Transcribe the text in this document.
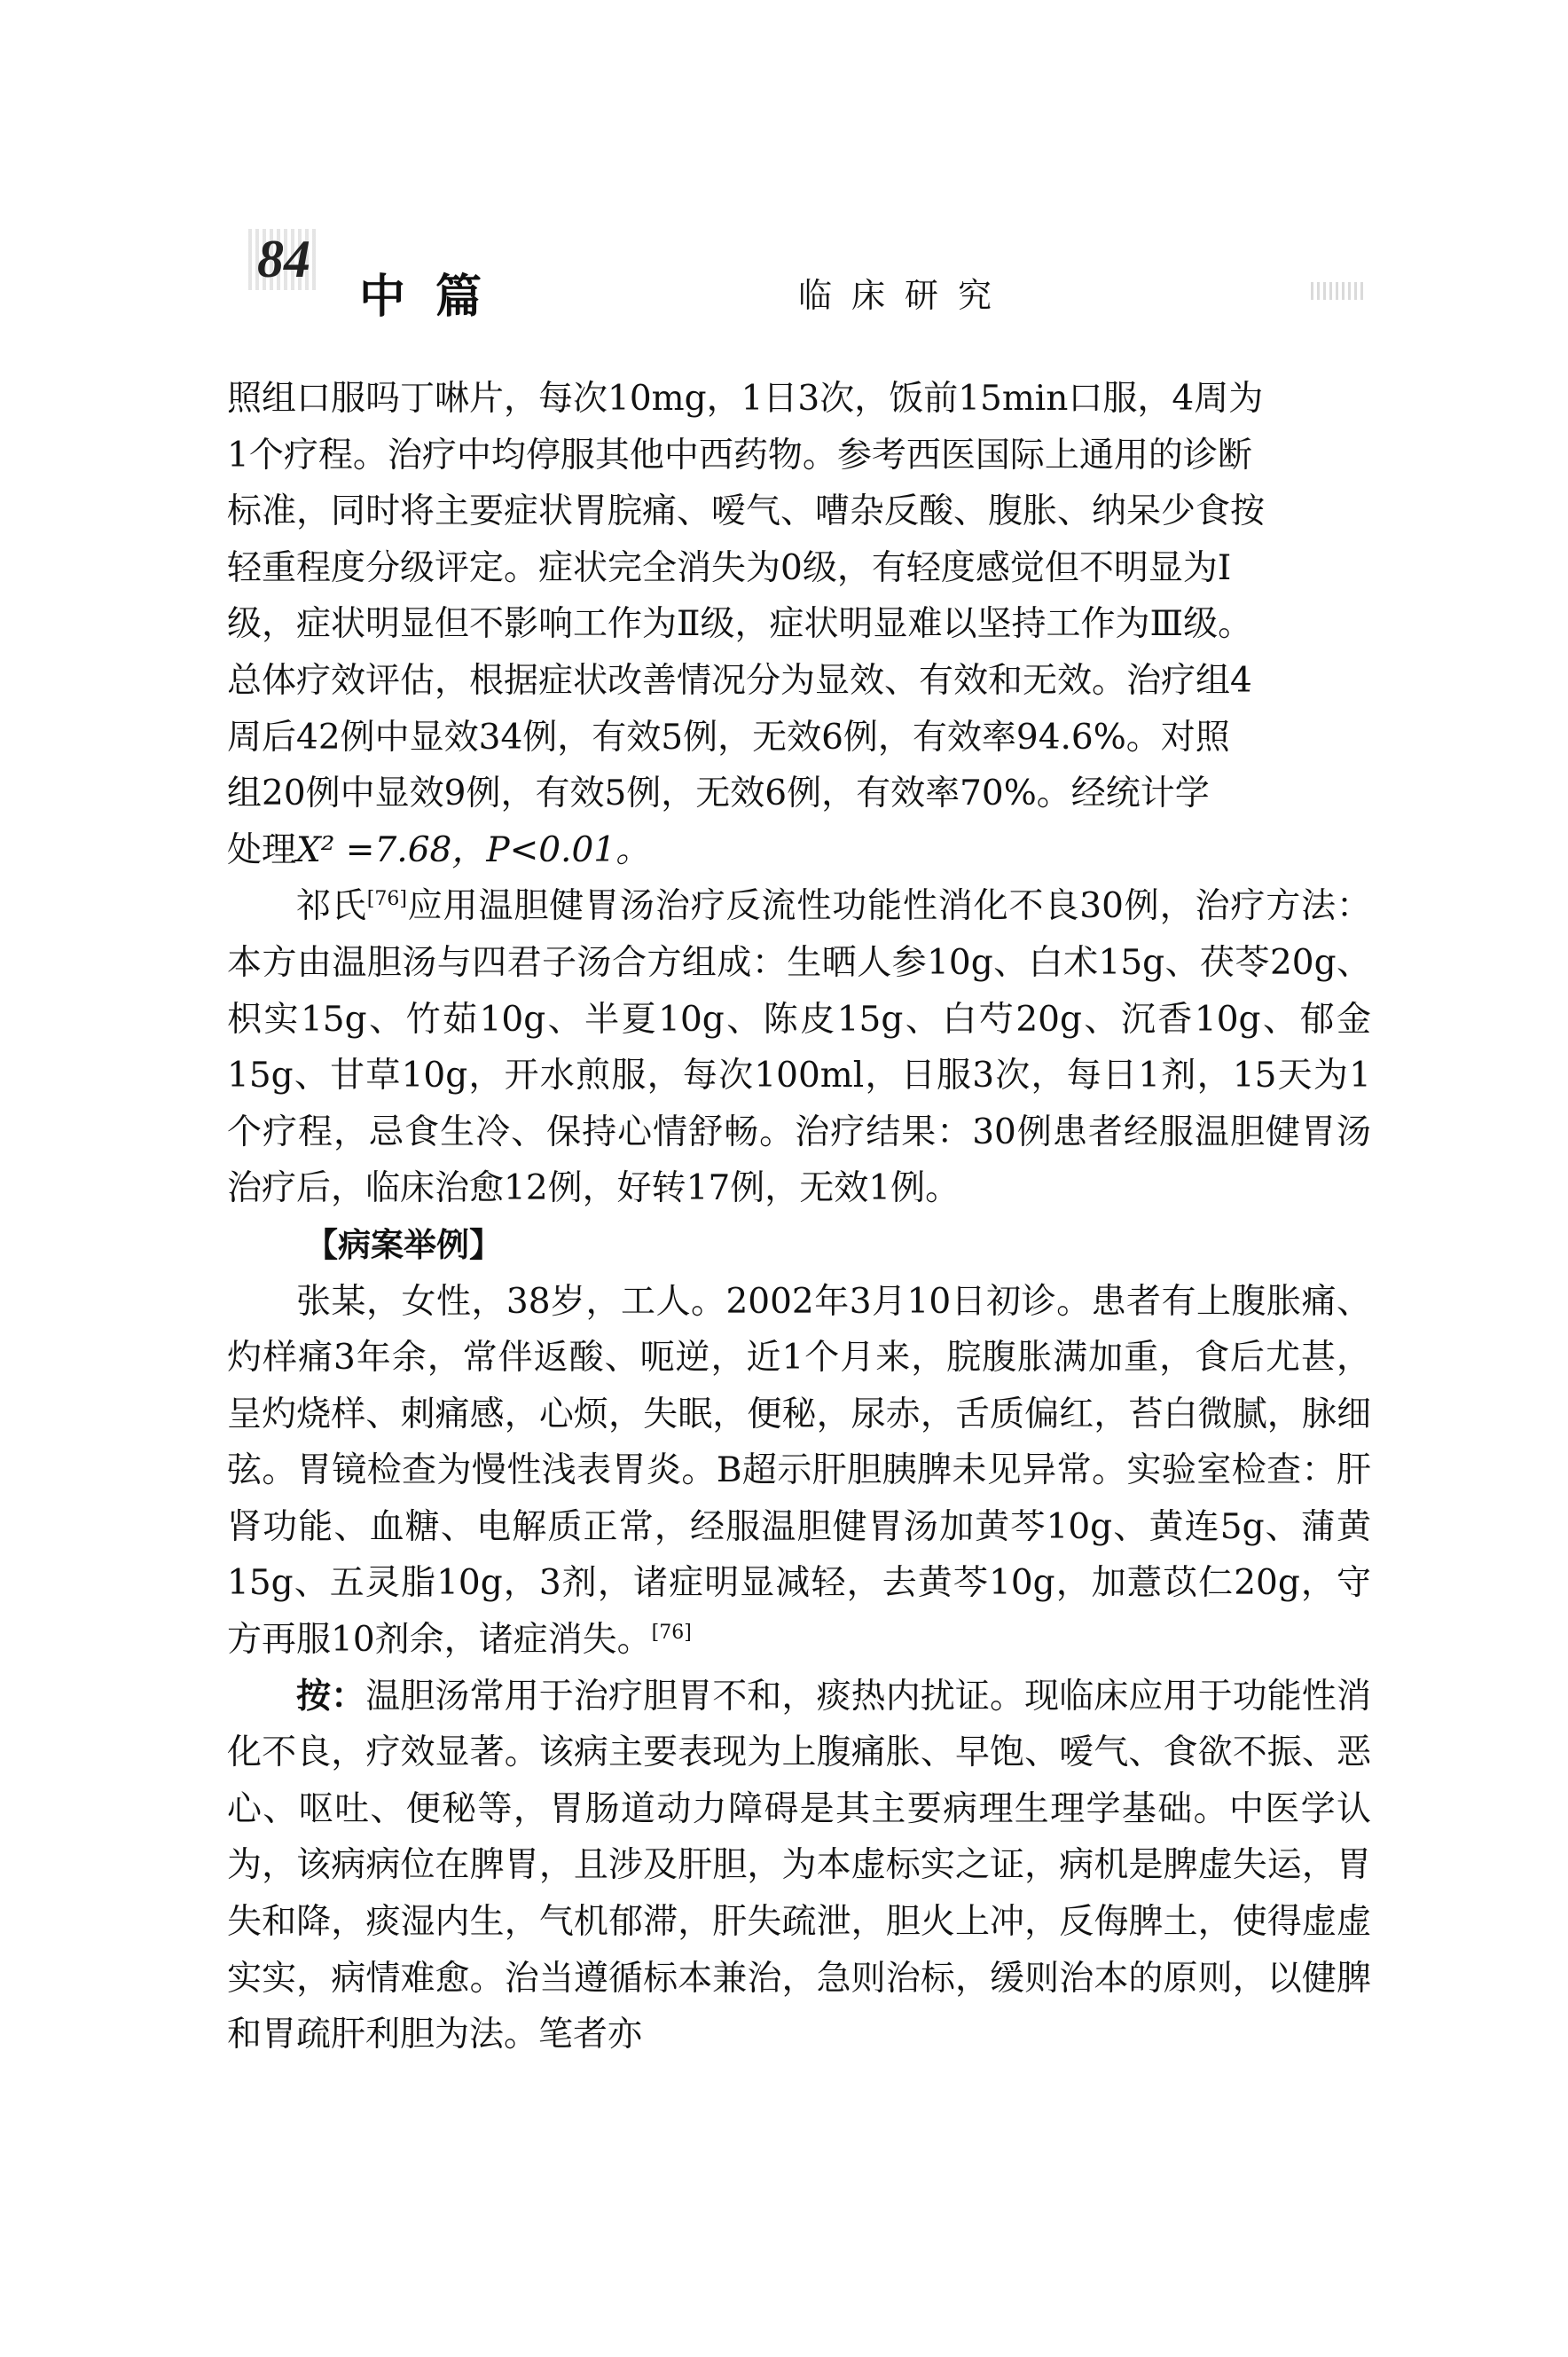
84
中篇	临床研究

照组口服吗丁啉片，每次10mg，1日3次，饭前15min口服，4周为
1个疗程。治疗中均停服其他中西药物。参考西医国际上通用的诊断
标准，同时将主要症状胃脘痛、嗳气、嘈杂反酸、腹胀、纳呆少食按
轻重程度分级评定。症状完全消失为0级，有轻度感觉但不明显为Ⅰ
级，症状明显但不影响工作为Ⅱ级，症状明显难以坚持工作为Ⅲ级。
总体疗效评估，根据症状改善情况分为显效、有效和无效。治疗组4
周后42例中显效34例，有效5例，无效6例，有效率94.6%。对照
组20例中显效9例，有效5例，无效6例，有效率70%。经统计学
处理X² =7.68，P<0.01。

祁氏[76]应用温胆健胃汤治疗反流性功能性消化不良30例，治疗方法：本方由温胆汤与四君子汤合方组成：生晒人参10g、白术15g、茯苓20g、枳实15g、竹茹10g、半夏10g、陈皮15g、白芍20g、沉香10g、郁金15g、甘草10g，开水煎服，每次100ml，日服3次，每日1剂，15天为1个疗程，忌食生冷、保持心情舒畅。治疗结果：30例患者经服温胆健胃汤治疗后，临床治愈12例，好转17例，无效1例。

【病案举例】

张某，女性，38岁，工人。2002年3月10日初诊。患者有上腹胀痛、灼样痛3年余，常伴返酸、呃逆，近1个月来，脘腹胀满加重，食后尤甚，呈灼烧样、刺痛感，心烦，失眠，便秘，尿赤，舌质偏红，苔白微腻，脉细弦。胃镜检查为慢性浅表胃炎。B超示肝胆胰脾未见异常。实验室检查：肝肾功能、血糖、电解质正常，经服温胆健胃汤加黄芩10g、黄连5g、蒲黄15g、五灵脂10g，3剂，诸症明显减轻，去黄芩10g，加薏苡仁20g，守方再服10剂余，诸症消失。[76]

按：温胆汤常用于治疗胆胃不和，痰热内扰证。现临床应用于功能性消化不良，疗效显著。该病主要表现为上腹痛胀、早饱、嗳气、食欲不振、恶心、呕吐、便秘等，胃肠道动力障碍是其主要病理生理学基础。中医学认为，该病病位在脾胃，且涉及肝胆，为本虚标实之证，病机是脾虚失运，胃失和降，痰湿内生，气机郁滞，肝失疏泄，胆火上冲，反侮脾土，使得虚虚实实，病情难愈。治当遵循标本兼治，急则治标，缓则治本的原则，以健脾和胃疏肝利胆为法。笔者亦
